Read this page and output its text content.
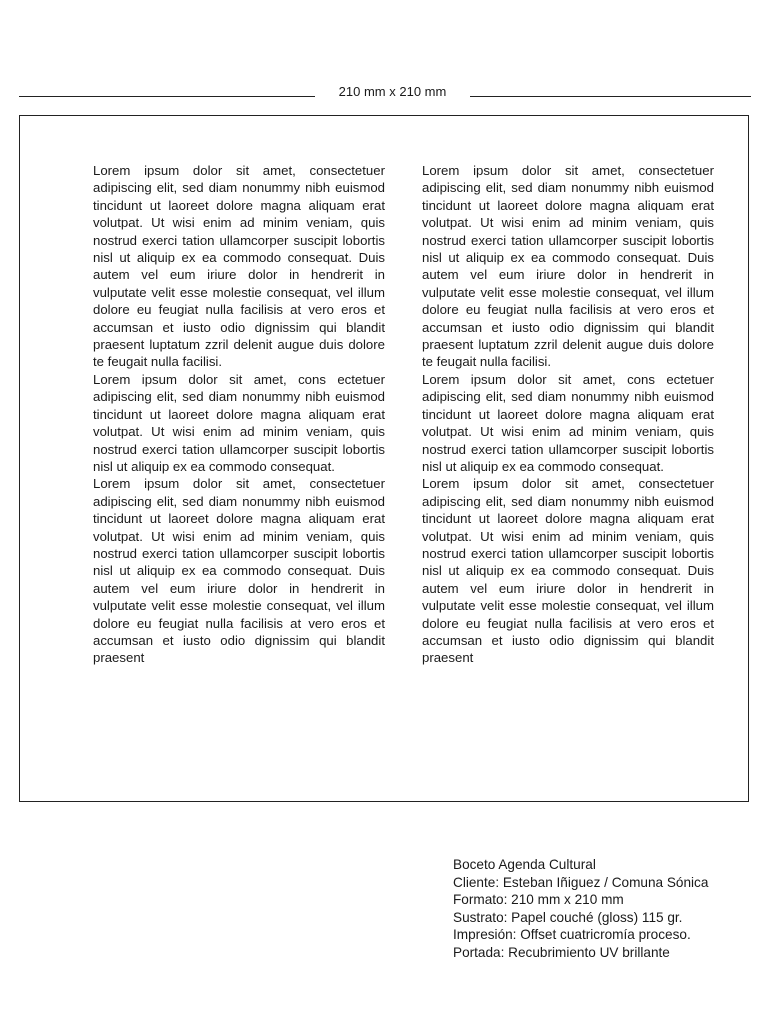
210 mm x 210 mm

Lorem ipsum dolor sit amet, consectetuer adipiscing elit, sed diam nonummy nibh euismod tincidunt ut laoreet dolore magna aliquam erat volutpat. Ut wisi enim ad minim veniam, quis nostrud exerci tation ullamcorper suscipit lobortis nisl ut aliquip ex ea commodo consequat. Duis autem vel eum iriure dolor in hendrerit in vulputate velit esse molestie consequat, vel illum dolore eu feugiat nulla facilisis at vero eros et accumsan et iusto odio dignissim qui blandit praesent luptatum zzril delenit augue duis dolore te feugait nulla facilisi.

Lorem ipsum dolor sit amet, cons ectetuer adipiscing elit, sed diam nonummy nibh euismod tincidunt ut laoreet dolore magna aliquam erat volutpat. Ut wisi enim ad minim veniam, quis nostrud exerci tation ullamcorper suscipit lobortis nisl ut aliquip ex ea commodo consequat.

Lorem ipsum dolor sit amet, consectetuer adipiscing elit, sed diam nonummy nibh euismod tincidunt ut laoreet dolore magna aliquam erat volutpat. Ut wisi enim ad minim veniam, quis nostrud exerci tation ullamcorper suscipit lobortis nisl ut aliquip ex ea commodo consequat. Duis autem vel eum iriure dolor in hendrerit in vulputate velit esse molestie consequat, vel illum dolore eu feugiat nulla facilisis at vero eros et accumsan et iusto odio dignissim qui blandit praesent

Lorem ipsum dolor sit amet, consectetuer adipiscing elit, sed diam nonummy nibh euismod tincidunt ut laoreet dolore magna aliquam erat volutpat. Ut wisi enim ad minim veniam, quis nostrud exerci tation ullamcorper suscipit lobortis nisl ut aliquip ex ea commodo consequat. Duis autem vel eum iriure dolor in hendrerit in vulputate velit esse molestie consequat, vel illum dolore eu feugiat nulla facilisis at vero eros et accumsan et iusto odio dignissim qui blandit praesent luptatum zzril delenit augue duis dolore te feugait nulla facilisi.

Lorem ipsum dolor sit amet, cons ectetuer adipiscing elit, sed diam nonummy nibh euismod tincidunt ut laoreet dolore magna aliquam erat volutpat. Ut wisi enim ad minim veniam, quis nostrud exerci tation ullamcorper suscipit lobortis nisl ut aliquip ex ea commodo consequat.

Lorem ipsum dolor sit amet, consectetuer adipiscing elit, sed diam nonummy nibh euismod tincidunt ut laoreet dolore magna aliquam erat volutpat. Ut wisi enim ad minim veniam, quis nostrud exerci tation ullamcorper suscipit lobortis nisl ut aliquip ex ea commodo consequat. Duis autem vel eum iriure dolor in hendrerit in vulputate velit esse molestie consequat, vel illum dolore eu feugiat nulla facilisis at vero eros et accumsan et iusto odio dignissim qui blandit praesent

Boceto Agenda Cultural
Cliente: Esteban Iñiguez / Comuna Sónica
Formato: 210 mm x 210 mm
Sustrato: Papel couché (gloss) 115 gr.
Impresión: Offset cuatricromía proceso.
Portada: Recubrimiento UV brillante
